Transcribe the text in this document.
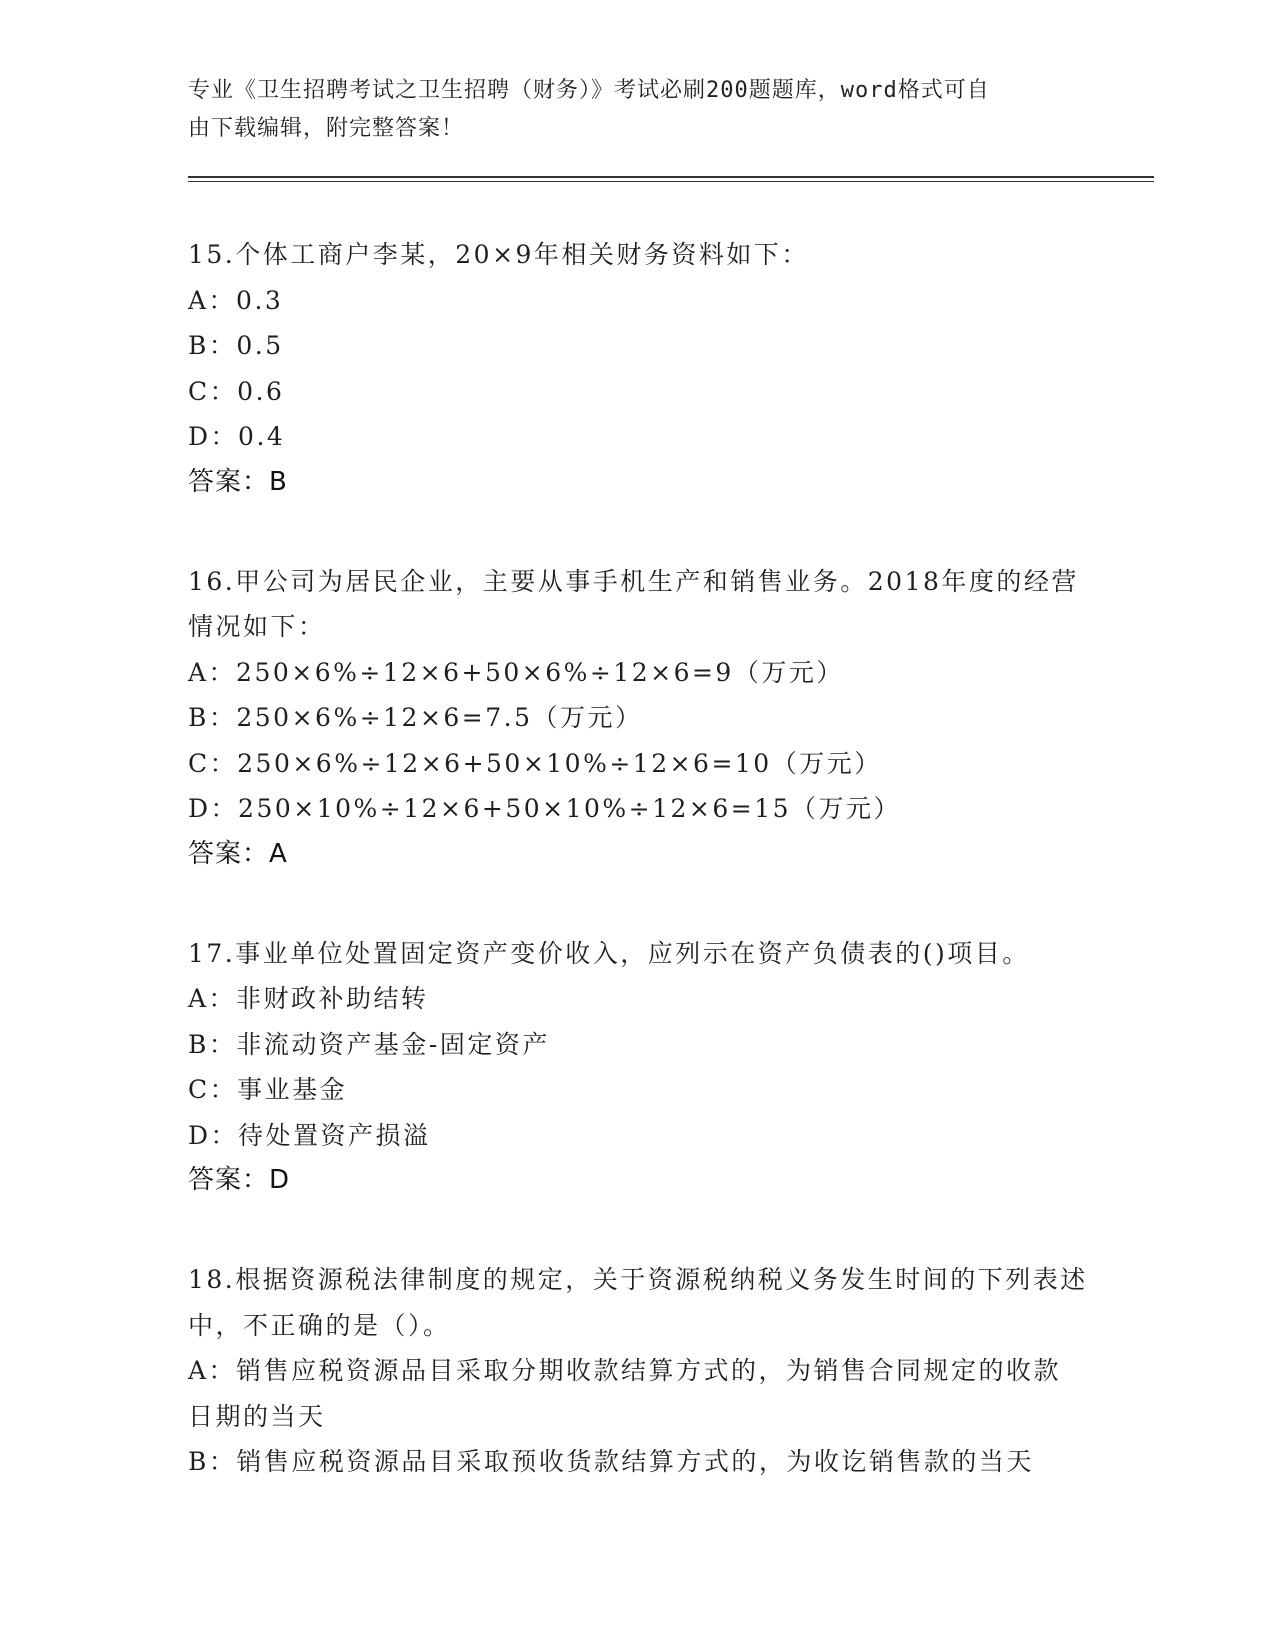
专业《卫生招聘考试之卫生招聘（财务）》考试必刷200题题库，word格式可自
由下载编辑，附完整答案！
15.个体工商户李某，20×9年相关财务资料如下：
A：0.3
B：0.5
C：0.6
D：0.4
答案：B
16.甲公司为居民企业，主要从事手机生产和销售业务。2018年度的经营情况如下：
A：250×6%÷12×6+50×6%÷12×6=9（万元）
B：250×6%÷12×6=7.5（万元）
C：250×6%÷12×6+50×10%÷12×6=10（万元）
D：250×10%÷12×6+50×10%÷12×6=15（万元）
答案：A
17.事业单位处置固定资产变价收入，应列示在资产负债表的()项目。
A：非财政补助结转
B：非流动资产基金-固定资产
C：事业基金
D：待处置资产损溢
答案：D
18.根据资源税法律制度的规定，关于资源税纳税义务发生时间的下列表述中，不正确的是（）。
A：销售应税资源品目采取分期收款结算方式的，为销售合同规定的收款日期的当天
B：销售应税资源品目采取预收货款结算方式的，为收讫销售款的当天
